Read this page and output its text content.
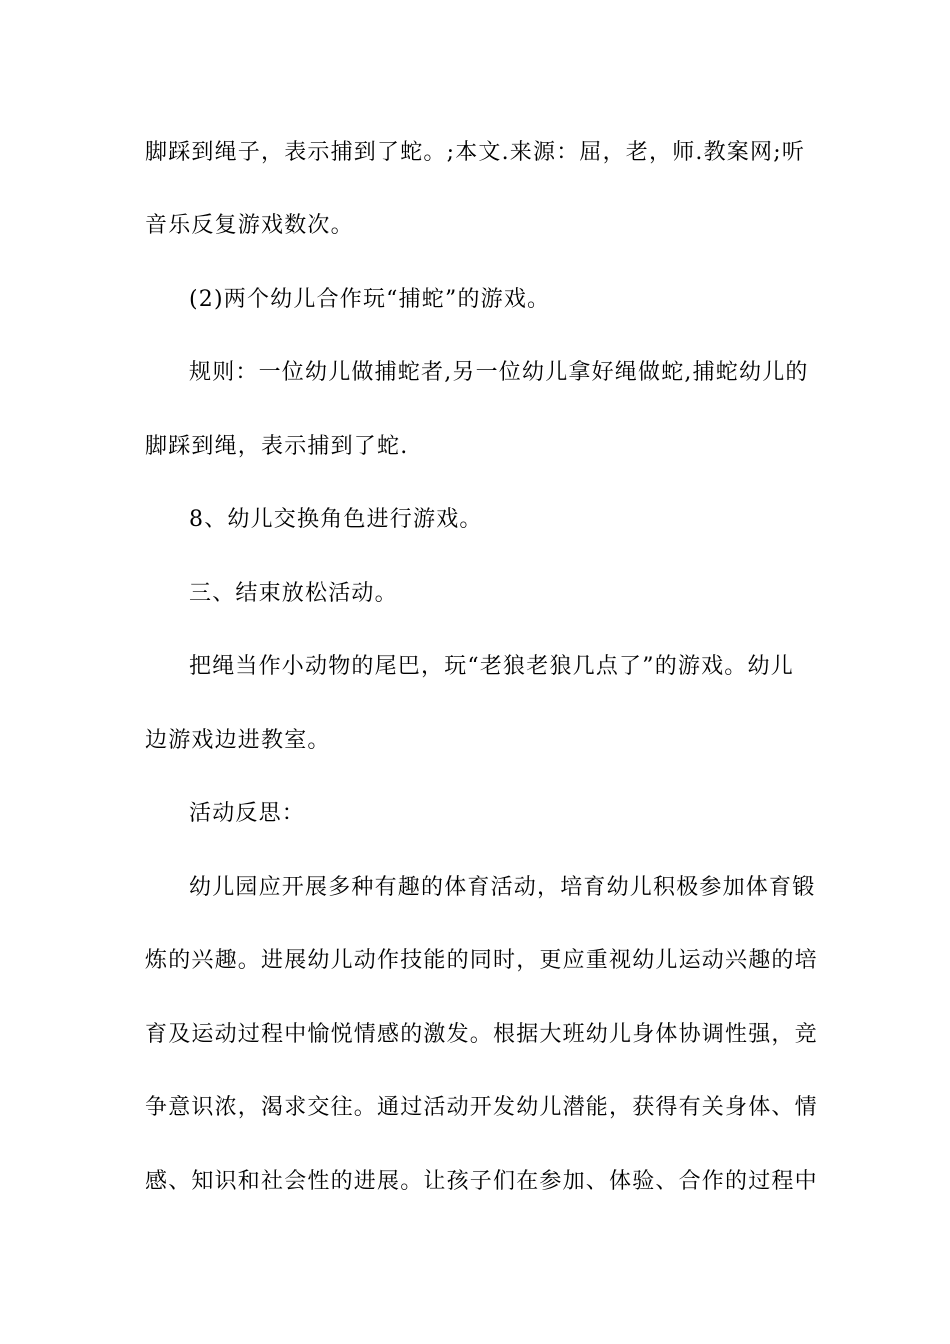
脚踩到绳子，表示捕到了蛇。;本文.来源：屈，老，师.教案网;听
音乐反复游戏数次。
(2)两个幼儿合作玩“捕蛇”的游戏。
规则：一位幼儿做捕蛇者,另一位幼儿拿好绳做蛇,捕蛇幼儿的
脚踩到绳，表示捕到了蛇.
8、幼儿交换角色进行游戏。
三、结束放松活动。
把绳当作小动物的尾巴，玩“老狼老狼几点了”的游戏。幼儿
边游戏边进教室。
活动反思：
幼儿园应开展多种有趣的体育活动，培育幼儿积极参加体育锻
炼的兴趣。进展幼儿动作技能的同时，更应重视幼儿运动兴趣的培
育及运动过程中愉悦情感的激发。根据大班幼儿身体协调性强，竞
争意识浓，渴求交往。通过活动开发幼儿潜能，获得有关身体、情
感、知识和社会性的进展。让孩子们在参加、体验、合作的过程中
